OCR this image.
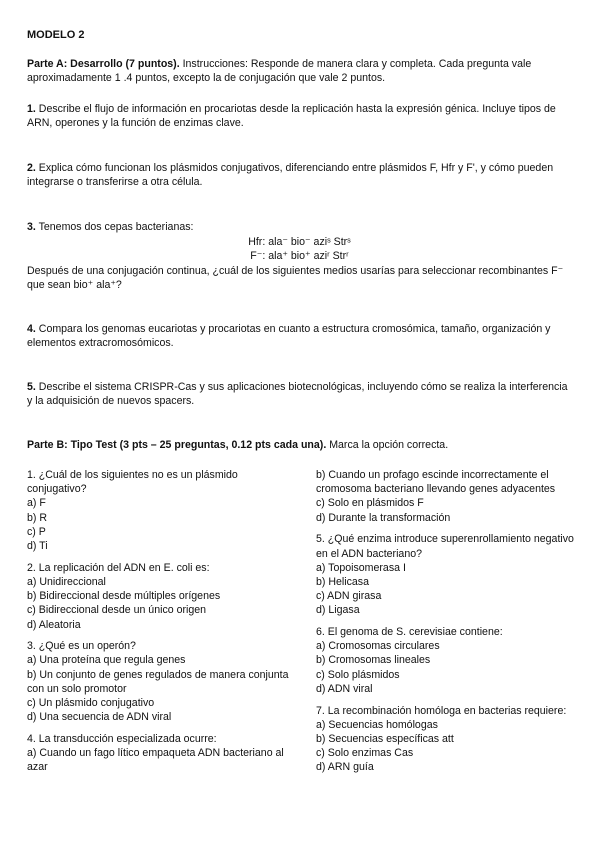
MODELO 2
Parte A: Desarrollo (7 puntos). Instrucciones: Responde de manera clara y completa. Cada pregunta vale aproximadamente 1 .4 puntos, excepto la de conjugación que vale 2 puntos.
1. Describe el flujo de información en procariotas desde la replicación hasta la expresión génica. Incluye tipos de ARN, operones y la función de enzimas clave.
2. Explica cómo funcionan los plásmidos conjugativos, diferenciando entre plásmidos F, Hfr y F', y cómo pueden integrarse o transferirse a otra célula.
3. Tenemos dos cepas bacterianas:
Hfr: ala⁻ bio⁻ aziˢ Strˢ
F⁻: ala⁺ bio⁺ aziʳ Strʳ
Después de una conjugación continua, ¿cuál de los siguientes medios usarías para seleccionar recombinantes F⁻ que sean bio⁺ ala⁺?
4. Compara los genomas eucariotas y procariotas en cuanto a estructura cromosómica, tamaño, organización y elementos extracromosómicos.
5. Describe el sistema CRISPR-Cas y sus aplicaciones biotecnológicas, incluyendo cómo se realiza la interferencia y la adquisición de nuevos spacers.
Parte B: Tipo Test (3 pts – 25 preguntas, 0.12 pts cada una). Marca la opción correcta.
1. ¿Cuál de los siguientes no es un plásmido conjugativo?
a) F
b) R
c) P
d) Ti
2. La replicación del ADN en E. coli es:
a) Unidireccional
b) Bidireccional desde múltiples orígenes
c) Bidireccional desde un único origen
d) Aleatoria
3. ¿Qué es un operón?
a) Una proteína que regula genes
b) Un conjunto de genes regulados de manera conjunta con un solo promotor
c) Un plásmido conjugativo
d) Una secuencia de ADN viral
4. La transducción especializada ocurre:
a) Cuando un fago lítico empaqueta ADN bacteriano al azar
b) Cuando un profago escinde incorrectamente el cromosoma bacteriano llevando genes adyacentes
c) Solo en plásmidos F
d) Durante la transformación
5. ¿Qué enzima introduce superenrollamiento negativo en el ADN bacteriano?
a) Topoisomerasa I
b) Helicasa
c) ADN girasa
d) Ligasa
6. El genoma de S. cerevisiae contiene:
a) Cromosomas circulares
b) Cromosomas lineales
c) Solo plásmidos
d) ADN viral
7. La recombinación homóloga en bacterias requiere:
a) Secuencias homólogas
b) Secuencias específicas att
c) Solo enzimas Cas
d) ARN guía
